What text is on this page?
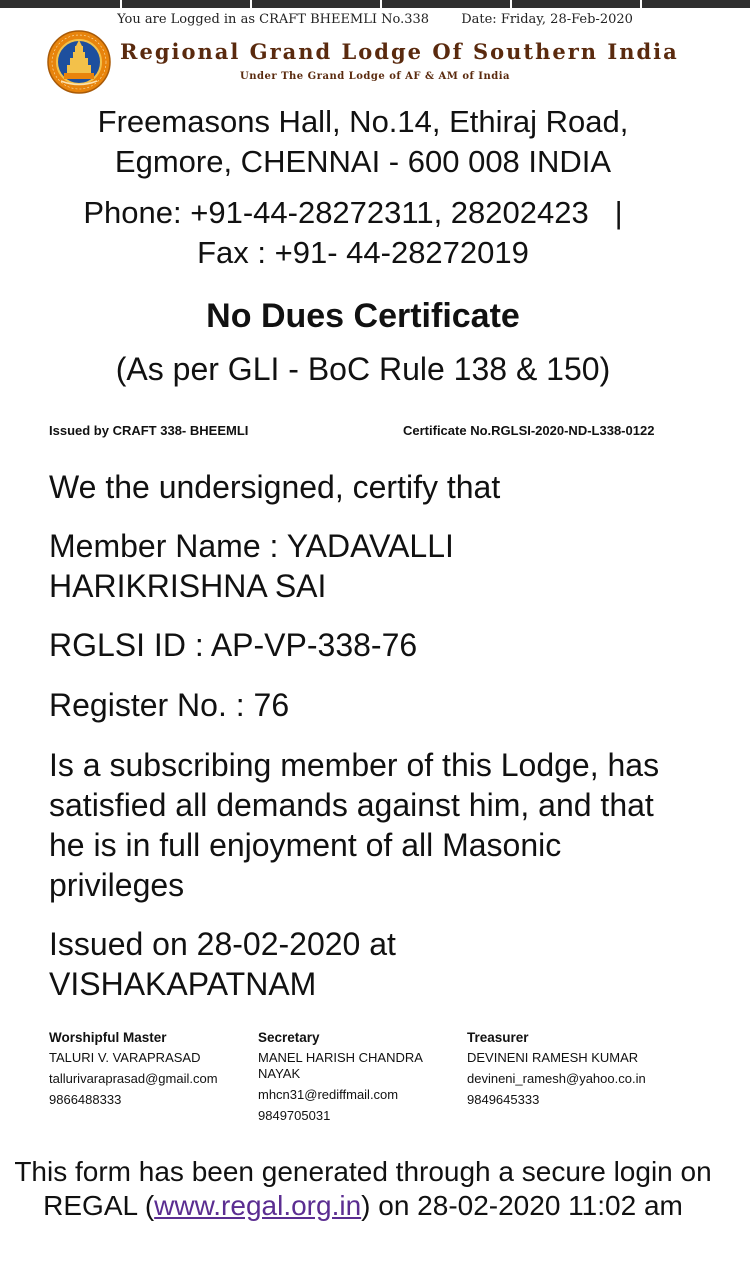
You are Logged in as CRAFT BHEEMLI No.338 Date: Friday, 28-Feb-2020
Regional Grand Lodge Of Southern India
Under The Grand Lodge of AF & AM of India
Freemasons Hall, No.14, Ethiraj Road,
Egmore, CHENNAI - 600 008 INDIA
Phone: +91-44-28272311, 28202423   |
Fax : +91- 44-28272019
No Dues Certificate
(As per GLI - BoC Rule 138 & 150)
Issued by CRAFT 338- BHEEMLI	Certificate No.RGLSI-2020-ND-L338-0122
We the undersigned, certify that
Member Name : YADAVALLI HARIKRISHNA SAI
RGLSI ID : AP-VP-338-76
Register No. : 76
Is a subscribing member of this Lodge, has satisfied all demands against him, and that he is in full enjoyment of all Masonic privileges
Issued on 28-02-2020 at VISHAKAPATNAM
Worshipful Master
TALURI V. VARAPRASAD
tallurivaraprasad@gmail.com
9866488333
Secretary
MANEL HARISH CHANDRA NAYAK
mhcn31@rediffmail.com
9849705031
Treasurer
DEVINENI RAMESH KUMAR
devineni_ramesh@yahoo.co.in
9849645333
This form has been generated through a secure login on REGAL (www.regal.org.in) on 28-02-2020 11:02 am
